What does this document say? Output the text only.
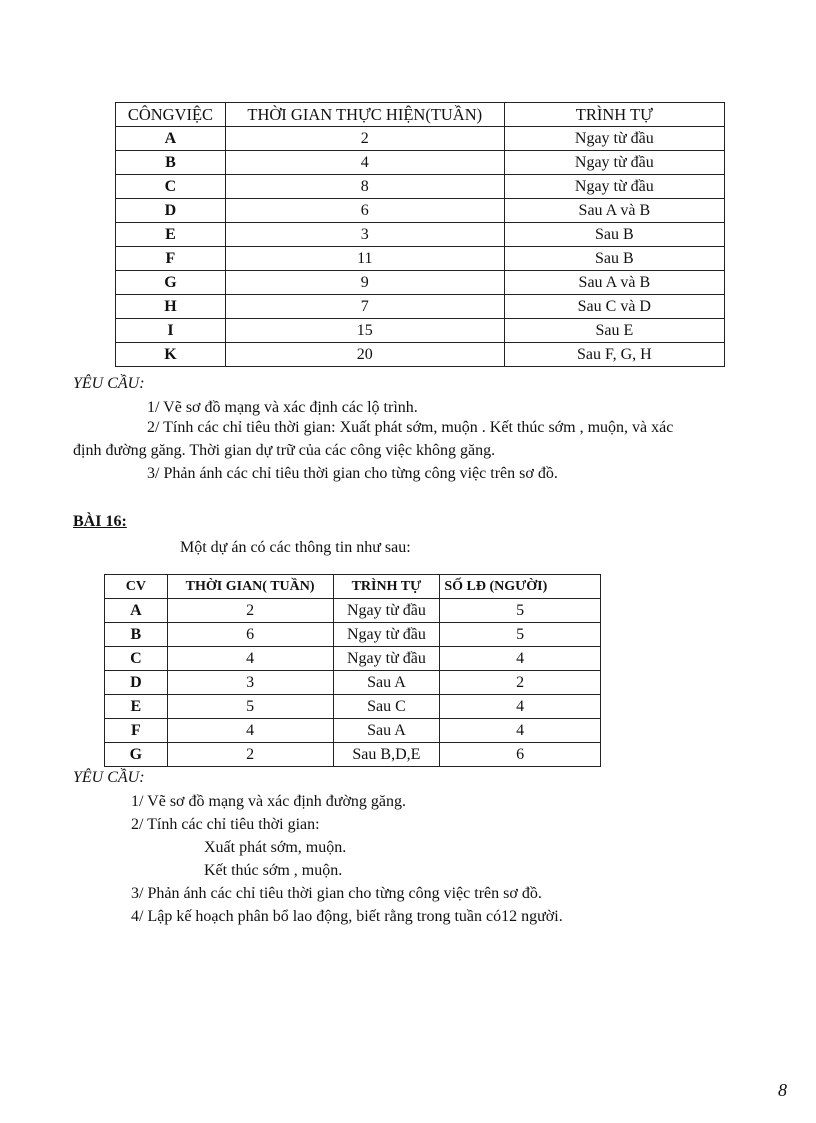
CÔNGVIỆC	THỜI GIAN THỰC HIỆN(TUẦN)	TRÌNH TỰ
A	2	Ngay từ đầu
B	4	Ngay từ đầu
C	8	Ngay từ đầu
D	6	Sau A và B
E	3	Sau B
F	11	Sau B
G	9	Sau A và B
H	7	Sau C và D
I	15	Sau E
K	20	Sau F, G, H
YÊU CẦU:
1/ Vẽ sơ đồ mạng và xác định các lộ trình.
2/ Tính các chỉ tiêu thời gian: Xuất phát sớm, muộn . Kết thúc sớm , muộn, và xác
định đường găng. Thời gian dự trữ của các công việc không găng.
3/ Phản ánh các chỉ tiêu thời gian cho từng công việc trên sơ đồ.
BÀI 16:
Một dự án có các thông tin như sau:
CV	THỜI GIAN( TUẦN)	TRÌNH TỰ	SỐ LĐ (NGƯỜI)
A	2	Ngay từ đầu	5
B	6	Ngay từ đầu	5
C	4	Ngay từ đầu	4
D	3	Sau A	2
E	5	Sau C	4
F	4	Sau A	4
G	2	Sau B,D,E	6
YÊU CẦU:
1/ Vẽ sơ đồ mạng và xác định đường găng.
2/ Tính các chỉ tiêu thời gian:
Xuất phát sớm, muộn.
Kết thúc sớm , muộn.
3/ Phản ánh các chỉ tiêu thời gian cho từng công việc trên sơ đồ.
4/ Lập kế hoạch phân bổ lao động, biết rằng trong tuần có12 người.
8
